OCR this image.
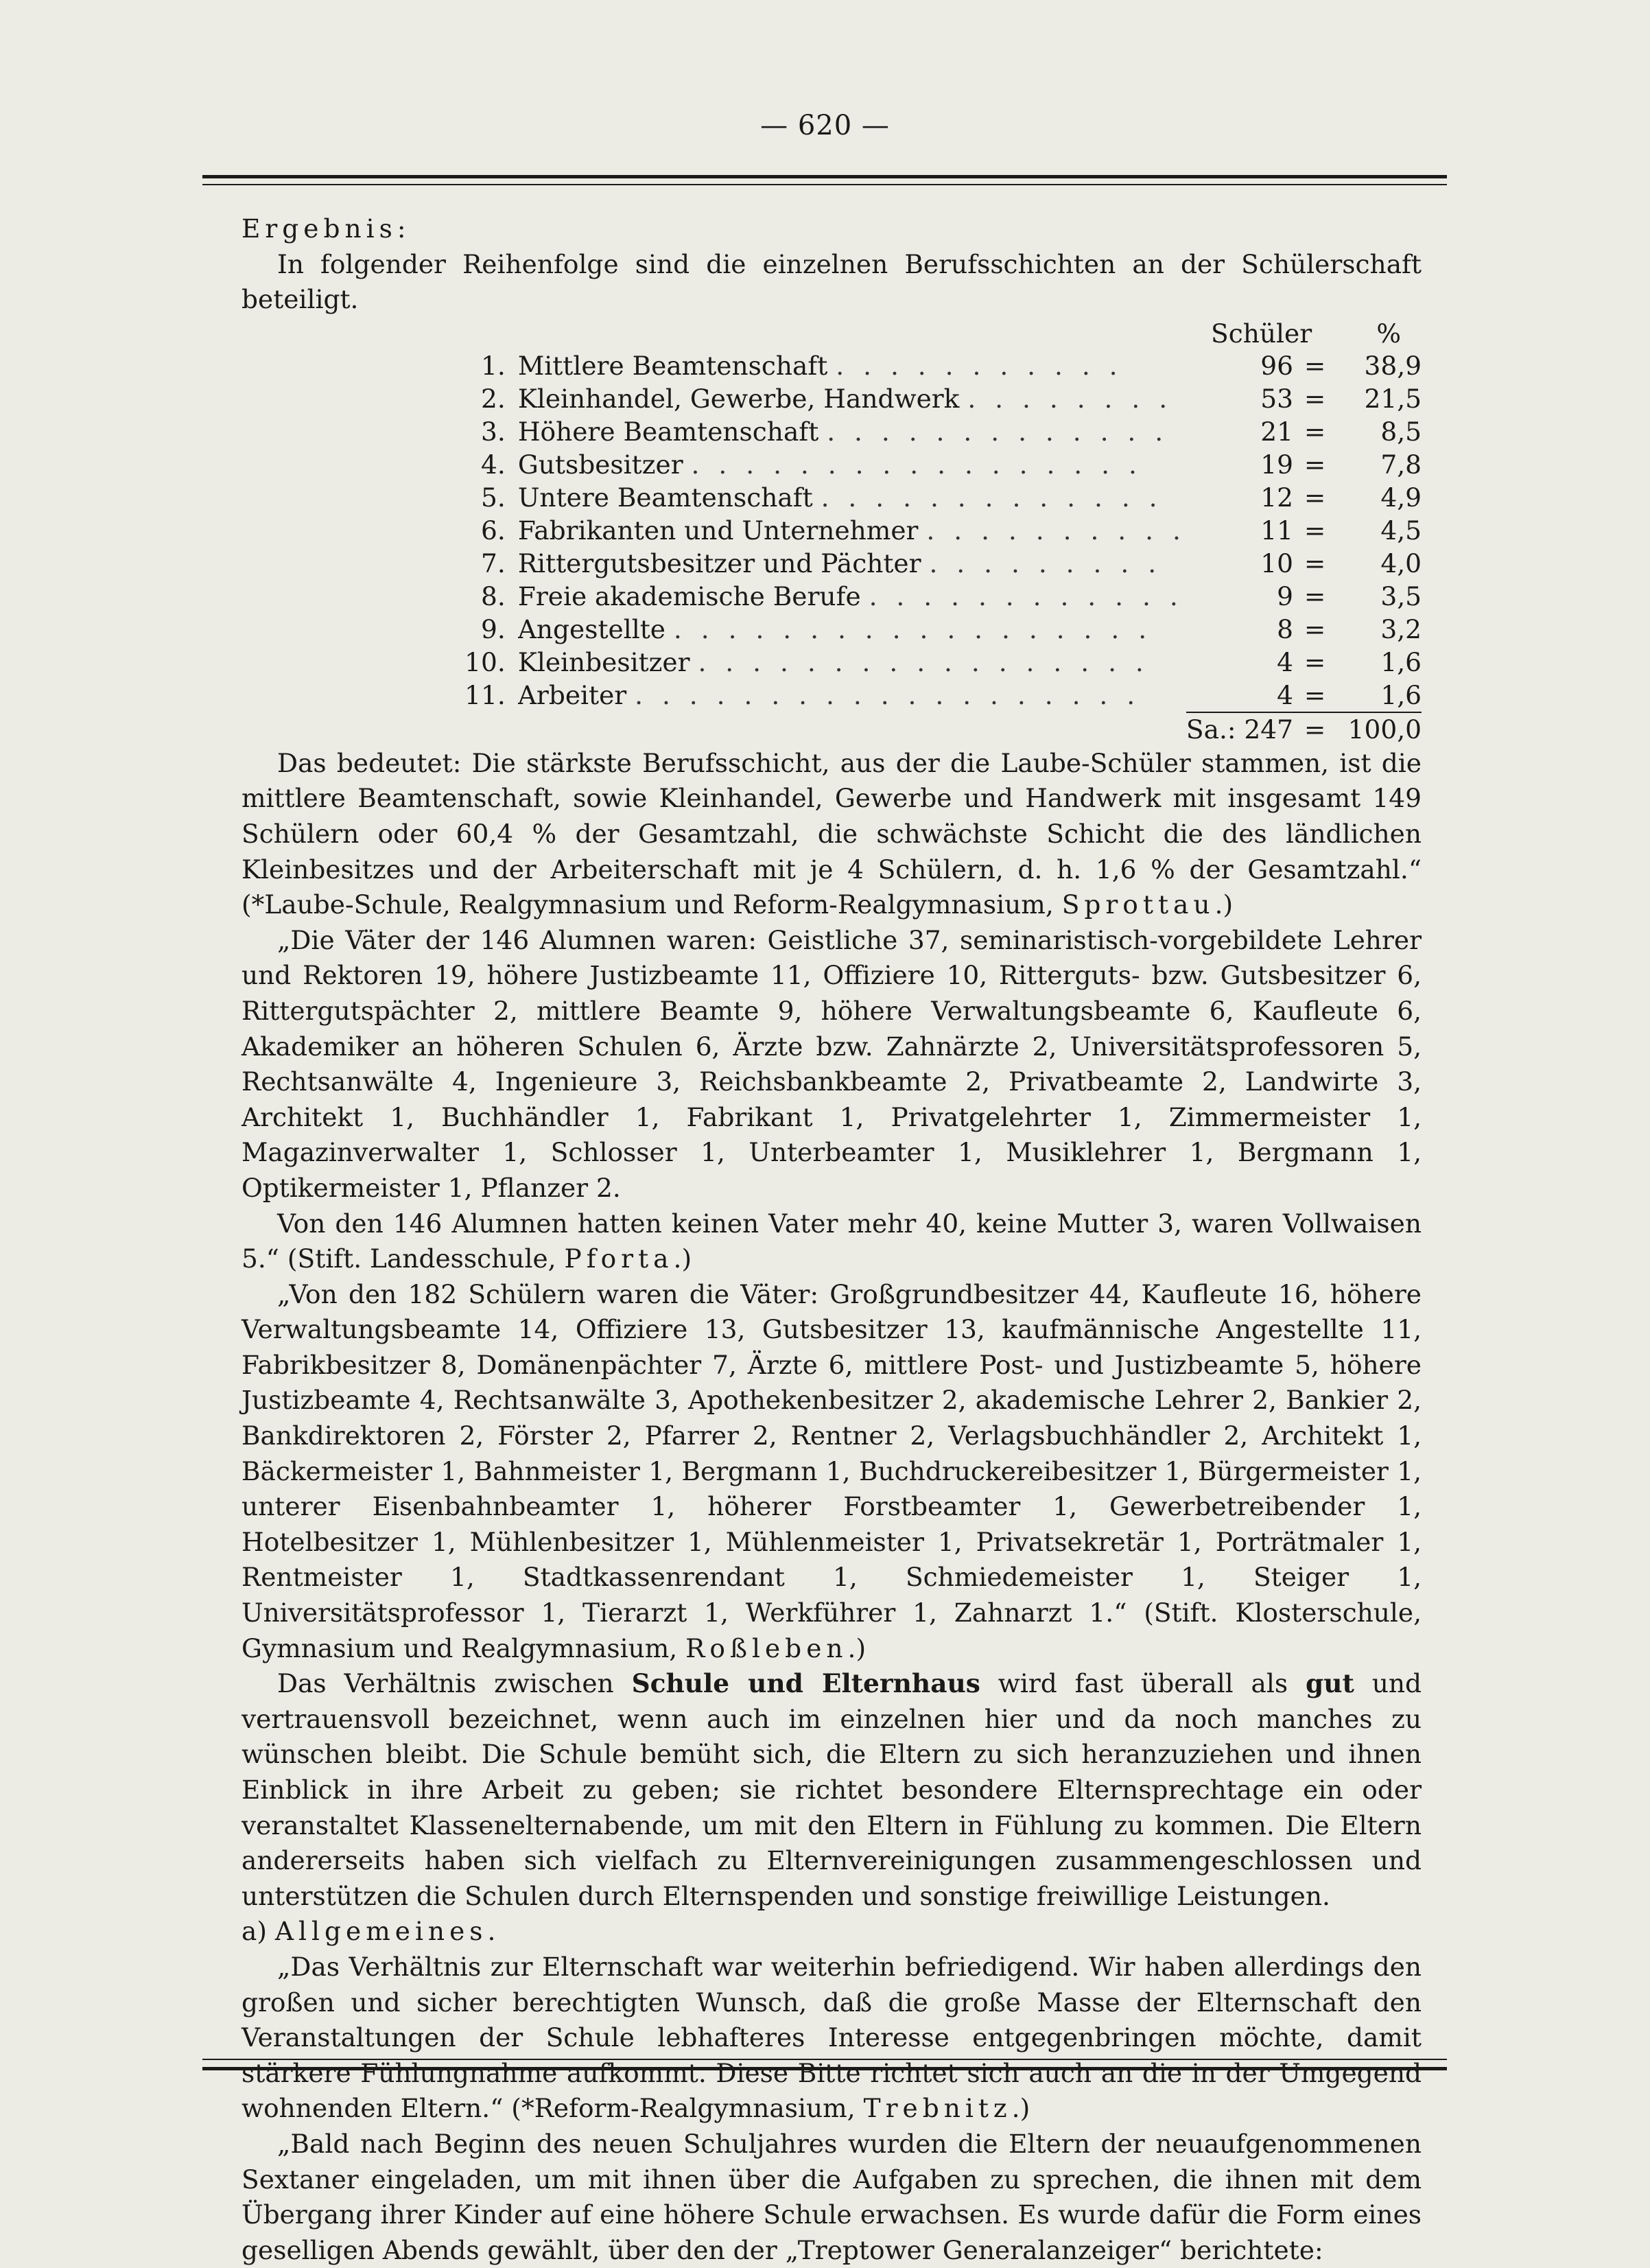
— 620 —

Ergebnis:

In folgender Reihenfolge sind die einzelnen Berufsschichten an der Schülerschaft beteiligt.

		Schüler		%
1.	Mittlere Beamtenschaft . . . . . . . . . . .	96	=	38,9
2.	Kleinhandel, Gewerbe, Handwerk . . . . . . . .	53	=	21,5
3.	Höhere Beamtenschaft . . . . . . . . . . . . .	21	=	8,5
4.	Gutsbesitzer . . . . . . . . . . . . . . . . .	19	=	7,8
5.	Untere Beamtenschaft . . . . . . . . . . . . .	12	=	4,9
6.	Fabrikanten und Unternehmer . . . . . . . . . .	11	=	4,5
7.	Rittergutsbesitzer und Pächter . . . . . . . . .	10	=	4,0
8.	Freie akademische Berufe . . . . . . . . . . . .	9	=	3,5
9.	Angestellte . . . . . . . . . . . . . . . . . .	8	=	3,2
10.	Kleinbesitzer . . . . . . . . . . . . . . . . .	4	=	1,6
11.	Arbeiter . . . . . . . . . . . . . . . . . . .	4	=	1,6
		Sa.: 247	=	100,0

Das bedeutet: Die stärkste Berufsschicht, aus der die Laube-Schüler stammen, ist die mittlere Beamtenschaft, sowie Kleinhandel, Gewerbe und Handwerk mit insgesamt 149 Schülern oder 60,4 % der Gesamtzahl, die schwächste Schicht die des ländlichen Kleinbesitzes und der Arbeiterschaft mit je 4 Schülern, d. h. 1,6 % der Gesamtzahl.“ (*Laube-Schule, Realgymnasium und Reform-Realgymnasium, Sprottau.)

„Die Väter der 146 Alumnen waren: Geistliche 37, seminaristisch-vorgebildete Lehrer und Rektoren 19, höhere Justizbeamte 11, Offiziere 10, Ritterguts- bzw. Gutsbesitzer 6, Rittergutspächter 2, mittlere Beamte 9, höhere Verwaltungsbeamte 6, Kaufleute 6, Akademiker an höheren Schulen 6, Ärzte bzw. Zahnärzte 2, Universitätsprofessoren 5, Rechtsanwälte 4, Ingenieure 3, Reichsbankbeamte 2, Privatbeamte 2, Landwirte 3, Architekt 1, Buchhändler 1, Fabrikant 1, Privatgelehrter 1, Zimmermeister 1, Magazinverwalter 1, Schlosser 1, Unterbeamter 1, Musiklehrer 1, Bergmann 1, Optikermeister 1, Pflanzer 2.

Von den 146 Alumnen hatten keinen Vater mehr 40, keine Mutter 3, waren Vollwaisen 5.“ (Stift. Landesschule, Pforta.)

„Von den 182 Schülern waren die Väter: Großgrundbesitzer 44, Kaufleute 16, höhere Verwaltungsbeamte 14, Offiziere 13, Gutsbesitzer 13, kaufmännische Angestellte 11, Fabrikbesitzer 8, Domänenpächter 7, Ärzte 6, mittlere Post- und Justizbeamte 5, höhere Justizbeamte 4, Rechtsanwälte 3, Apothekenbesitzer 2, akademische Lehrer 2, Bankier 2, Bankdirektoren 2, Förster 2, Pfarrer 2, Rentner 2, Verlagsbuchhändler 2, Architekt 1, Bäckermeister 1, Bahnmeister 1, Bergmann 1, Buchdruckereibesitzer 1, Bürgermeister 1, unterer Eisenbahnbeamter 1, höherer Forstbeamter 1, Gewerbetreibender 1, Hotelbesitzer 1, Mühlenbesitzer 1, Mühlenmeister 1, Privatsekretär 1, Porträtmaler 1, Rentmeister 1, Stadtkassenrendant 1, Schmiedemeister 1, Steiger 1, Universitätsprofessor 1, Tierarzt 1, Werkführer 1, Zahnarzt 1.“ (Stift. Klosterschule, Gymnasium und Realgymnasium, Roßleben.)

Das Verhältnis zwischen Schule und Elternhaus wird fast überall als gut und vertrauensvoll bezeichnet, wenn auch im einzelnen hier und da noch manches zu wünschen bleibt. Die Schule bemüht sich, die Eltern zu sich heranzuziehen und ihnen Einblick in ihre Arbeit zu geben; sie richtet besondere Elternsprechtage ein oder veranstaltet Klassenelternabende, um mit den Eltern in Fühlung zu kommen. Die Eltern andererseits haben sich vielfach zu Elternvereinigungen zusammengeschlossen und unterstützen die Schulen durch Elternspenden und sonstige freiwillige Leistungen.

a) Allgemeines.

„Das Verhältnis zur Elternschaft war weiterhin befriedigend. Wir haben allerdings den großen und sicher berechtigten Wunsch, daß die große Masse der Elternschaft den Veranstaltungen der Schule lebhafteres Interesse entgegenbringen möchte, damit stärkere Fühlungnahme aufkommt. Diese Bitte richtet sich auch an die in der Umgegend wohnenden Eltern.“ (*Reform-Realgymnasium, Trebnitz.)

„Bald nach Beginn des neuen Schuljahres wurden die Eltern der neuaufgenommenen Sextaner eingeladen, um mit ihnen über die Aufgaben zu sprechen, die ihnen mit dem Übergang ihrer Kinder auf eine höhere Schule erwachsen. Es wurde dafür die Form eines geselligen Abends gewählt, über den der „Treptower Generalanzeiger“ berichtete:
